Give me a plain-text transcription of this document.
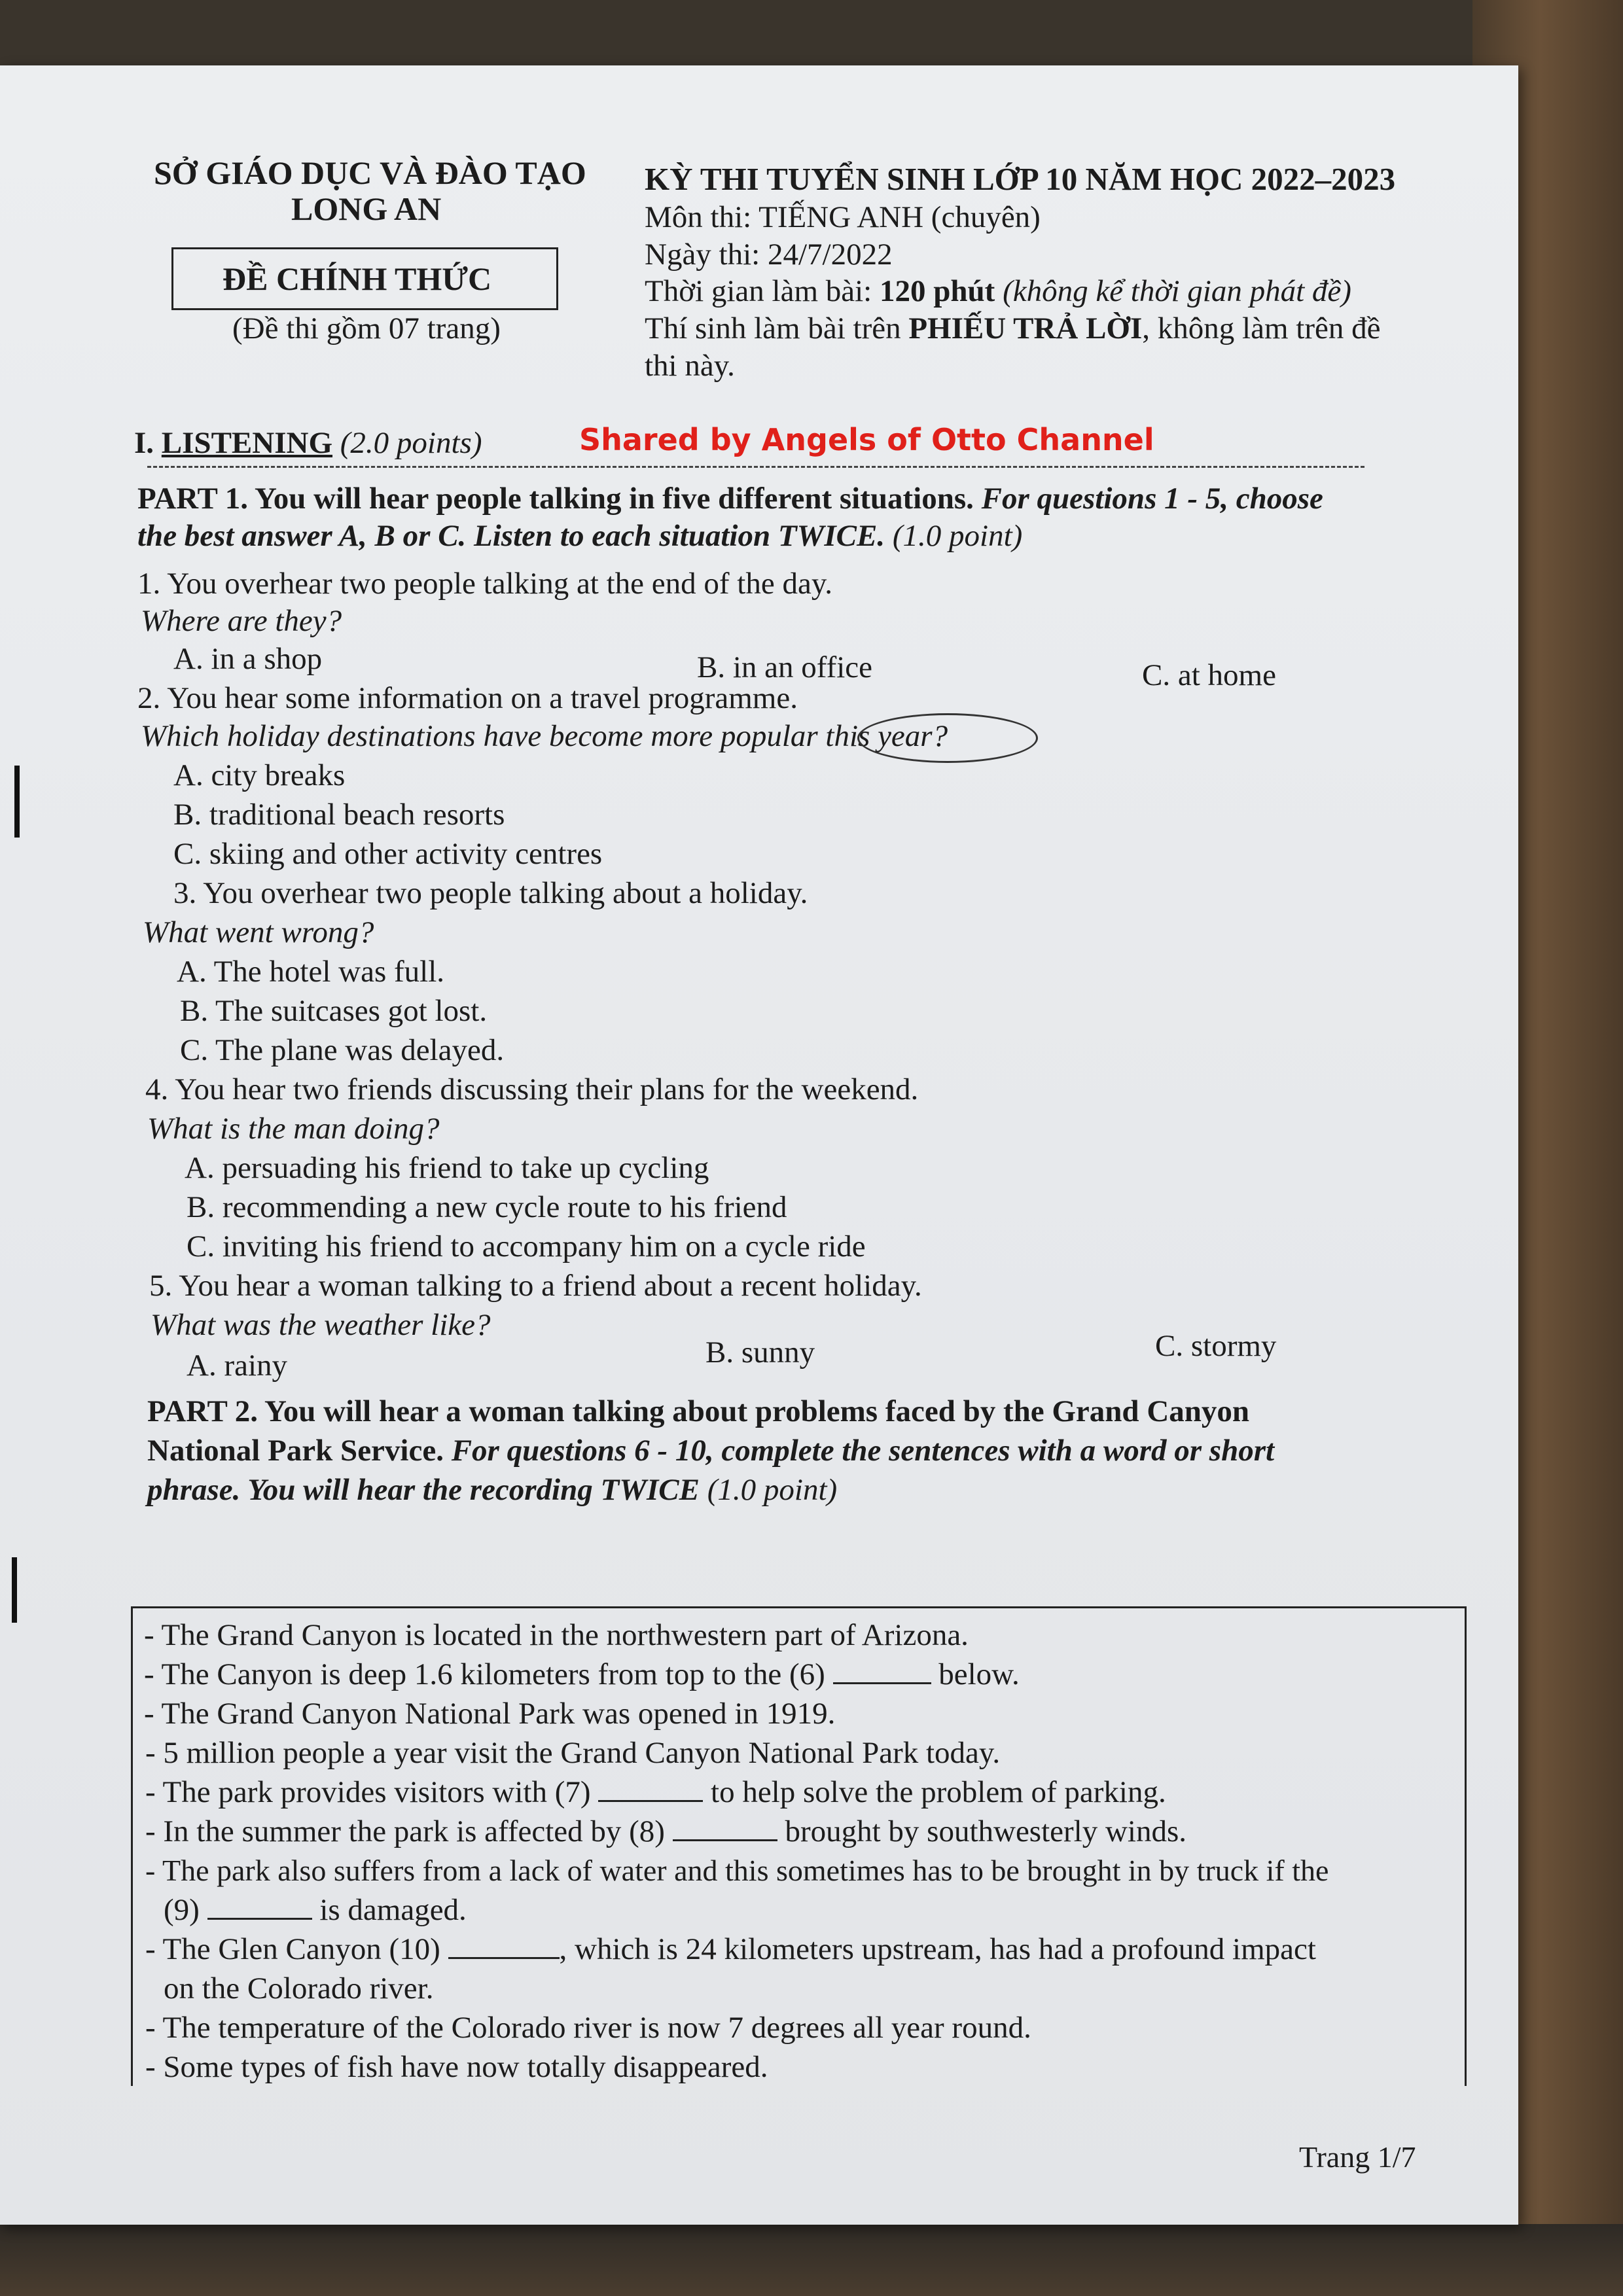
SỞ GIÁO DỤC VÀ ĐÀO TẠO
LONG AN
ĐỀ CHÍNH THỨC
(Đề thi gồm 07 trang)
KỲ THI TUYỂN SINH LỚP 10 NĂM HỌC 2022–2023
Môn thi: TIẾNG ANH (chuyên)
Ngày thi: 24/7/2022
Thời gian làm bài: 120 phút (không kể thời gian phát đề)
Thí sinh làm bài trên PHIẾU TRẢ LỜI, không làm trên đề
thi này.
I. LISTENING (2.0 points)	Shared by Angels of Otto Channel
PART 1. You will hear people talking in five different situations. For questions 1 - 5, choose
the best answer A, B or C. Listen to each situation TWICE. (1.0 point)
1. You overhear two people talking at the end of the day.
Where are they?
A. in a shop	B. in an office	C. at home
2. You hear some information on a travel programme.
Which holiday destinations have become more popular this year?
A. city breaks
B. traditional beach resorts
C. skiing and other activity centres
3. You overhear two people talking about a holiday.
What went wrong?
A. The hotel was full.
B. The suitcases got lost.
C. The plane was delayed.
4. You hear two friends discussing their plans for the weekend.
What is the man doing?
A. persuading his friend to take up cycling
B. recommending a new cycle route to his friend
C. inviting his friend to accompany him on a cycle ride
5. You hear a woman talking to a friend about a recent holiday.
What was the weather like?
A. rainy	B. sunny	C. stormy
PART 2. You will hear a woman talking about problems faced by the Grand Canyon
National Park Service. For questions 6 - 10, complete the sentences with a word or short
phrase. You will hear the recording TWICE (1.0 point)
- The Grand Canyon is located in the northwestern part of Arizona.
- The Canyon is deep 1.6 kilometers from top to the (6)	below.
- The Grand Canyon National Park was opened in 1919.
- 5 million people a year visit the Grand Canyon National Park today.
- The park provides visitors with (7)	to help solve the problem of parking.
- In the summer the park is affected by (8)	brought by southwesterly winds.
- The park also suffers from a lack of water and this sometimes has to be brought in by truck if the
(9)	is damaged.
- The Glen Canyon (10)	, which is 24 kilometers upstream, has had a profound impact
on the Colorado river.
- The temperature of the Colorado river is now 7 degrees all year round.
- Some types of fish have now totally disappeared.
Trang 1/7
